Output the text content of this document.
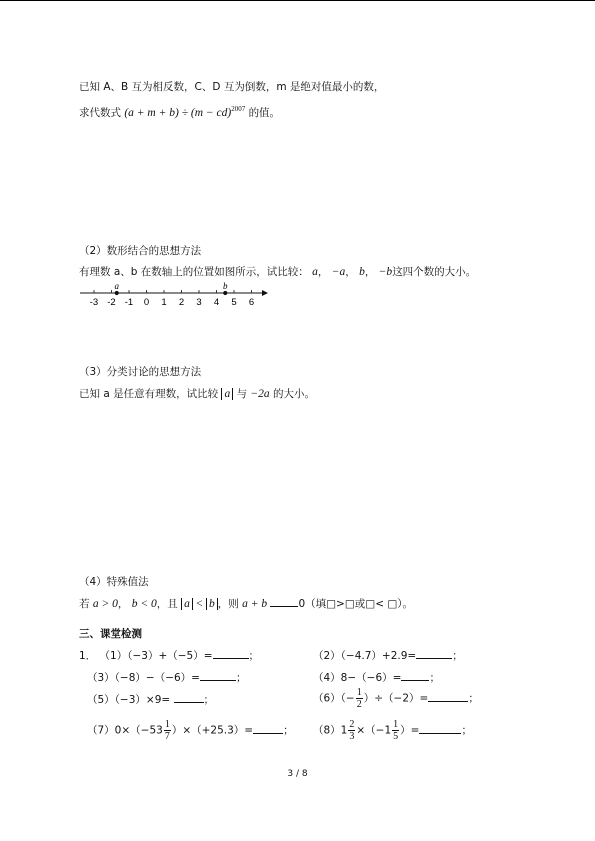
已知 A、B 互为相反数，C、D 互为倒数，m 是绝对值最小的数，
求代数式 (a + m + b) ÷ (m − cd)$^{2007}$ 的值。
（2）数形结合的思想方法
有理数 a、b 在数轴上的位置如图所示，试比较： a， −a， b， −b这四个数的大小。
-3 -2 -1 0 1 2 3 4 5 6
a	b
（3）分类讨论的思想方法
已知 a 是任意有理数，试比较 a 与 −2a 的大小。
（4）特殊值法
若 a > 0， b < 0，且 a < b ，则 a + b	0（填□>□或□< □）。
三、课堂检测
1． （1）（−3）+（−5）=	；	（2）（−4.7）+2.9=	；
（3）（−8）−（−6）=	；	（4）8−（−6）=	；
（5）（−3）×9=	；	$(6)(- \frac{1}{2} )\div(-2)=$	；
$(7)0\times(-53 \frac{1}{7} )\times(+25.3)=$	； $(8)1 \frac{2}{3} \times(-1 \frac{1}{5}$ ）=	；
3 / 8
